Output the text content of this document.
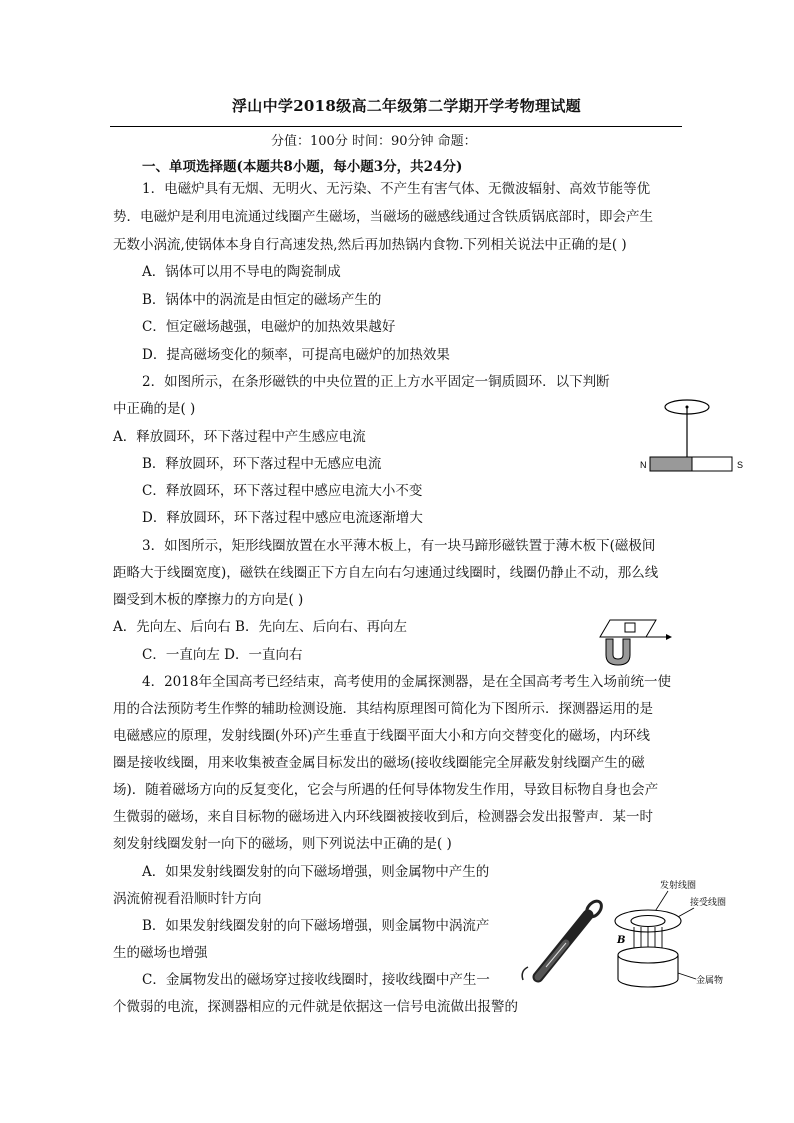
浮山中学2018级高二年级第二学期开学考物理试题
分值：100分 时间：90分钟 命题：
一、单项选择题(本题共8小题，每小题3分，共24分)
1．电磁炉具有无烟、无明火、无污染、不产生有害气体、无微波辐射、高效节能等优
势．电磁炉是利用电流通过线圈产生磁场，当磁场的磁感线通过含铁质锅底部时，即会产生
无数小涡流,使锅体本身自行高速发热,然后再加热锅内食物.下列相关说法中正确的是( )
A．锅体可以用不导电的陶瓷制成
B．锅体中的涡流是由恒定的磁场产生的
C．恒定磁场越强，电磁炉的加热效果越好
D．提高磁场变化的频率，可提高电磁炉的加热效果
2．如图所示，在条形磁铁的中央位置的正上方水平固定一铜质圆环．以下判断
中正确的是( )
A．释放圆环，环下落过程中产生感应电流
B．释放圆环，环下落过程中无感应电流
C．释放圆环，环下落过程中感应电流大小不变
D．释放圆环，环下落过程中感应电流逐渐增大
N	S
3．如图所示，矩形线圈放置在水平薄木板上，有一块马蹄形磁铁置于薄木板下(磁极间
距略大于线圈宽度)，磁铁在线圈正下方自左向右匀速通过线圈时，线圈仍静止不动，那么线
圈受到木板的摩擦力的方向是( )
A．先向左、后向右 B．先向左、后向右、再向左
C．一直向左 D．一直向右
4．2018年全国高考已经结束，高考使用的金属探测器，是在全国高考考生入场前统一使
用的合法预防考生作弊的辅助检测设施．其结构原理图可简化为下图所示．探测器运用的是
电磁感应的原理，发射线圈(外环)产生垂直于线圈平面大小和方向交替变化的磁场，内环线
圈是接收线圈，用来收集被查金属目标发出的磁场(接收线圈能完全屏蔽发射线圈产生的磁
场)．随着磁场方向的反复变化，它会与所遇的任何导体物发生作用，导致目标物自身也会产
生微弱的磁场，来自目标物的磁场进入内环线圈被接收到后，检测器会发出报警声．某一时
刻发射线圈发射一向下的磁场，则下列说法中正确的是( )
A．如果发射线圈发射的向下磁场增强，则金属物中产生的
涡流俯视看沿顺时针方向
B．如果发射线圈发射的向下磁场增强，则金属物中涡流产
生的磁场也增强
C．金属物发出的磁场穿过接收线圈时，接收线圈中产生一
个微弱的电流，探测器相应的元件就是依据这一信号电流做出报警的
发射线圈
接受线圈
B
金属物
